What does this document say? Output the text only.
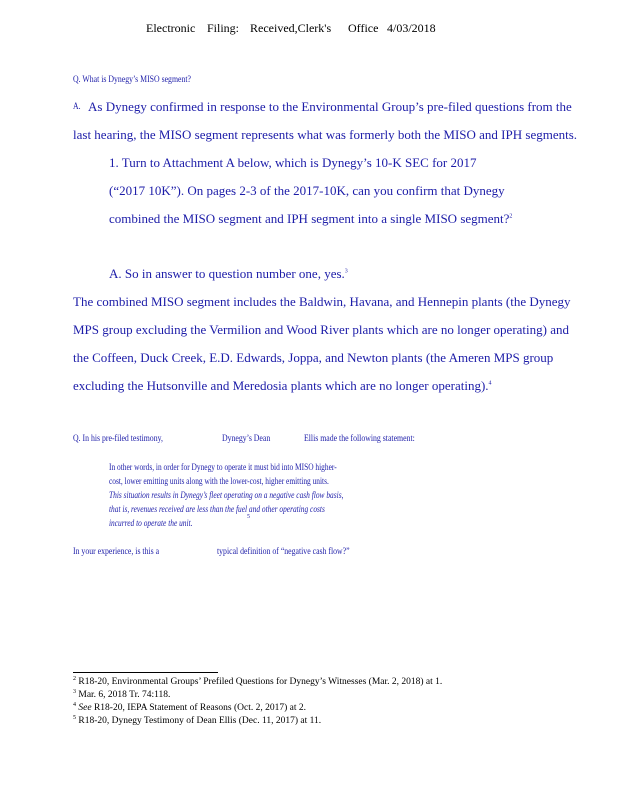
Electronic Filing: Received,Clerk's Office 4/03/2018
Q. What is Dynegy’s MISO segment?
A. As Dynegy confirmed in response to the Environmental Group’s pre-filed questions from the
last hearing, the MISO segment represents what was formerly both the MISO and IPH segments.
1. Turn to Attachment A below, which is Dynegy’s 10-K SEC for 2017
(“2017 10K”). On pages 2-3 of the 2017-10K, can you confirm that Dynegy
combined the MISO segment and IPH segment into a single MISO segment?$^2$
A. So in answer to question number one, yes.$^3$
The combined MISO segment includes the Baldwin, Havana, and Hennepin plants (the Dynegy
MPS group excluding the Vermilion and Wood River plants which are no longer operating) and
the Coffeen, Duck Creek, E.D. Edwards, Joppa, and Newton plants (the Ameren MPS group
excluding the Hutsonville and Meredosia plants which are no longer operating).$^4$
Q. In his pre-filed testimony,	Dynegy’s Dean	Ellis made the following statement:
In other words, in order for Dynegy to operate it must bid into MISO higher-
cost, lower emitting units along with the lower-cost, higher emitting units.
This situation results in Dynegy’s fleet operating on a negative cash flow basis,
that is, revenues received are less than the fuel and other operating costs
incurred to operate the unit.
5
In your experience, is this a	typical definition of “negative cash flow?”
$^2$ R18-20, Environmental Groups’ Prefiled Questions for Dynegy’s Witnesses (Mar. 2, 2018) at 1.
$^3$ Mar. 6, 2018 Tr. 74:118.
$^4$ See R18-20, IEPA Statement of Reasons (Oct. 2, 2017) at 2.
$^5$ R18-20, Dynegy Testimony of Dean Ellis (Dec. 11, 2017) at 11.
